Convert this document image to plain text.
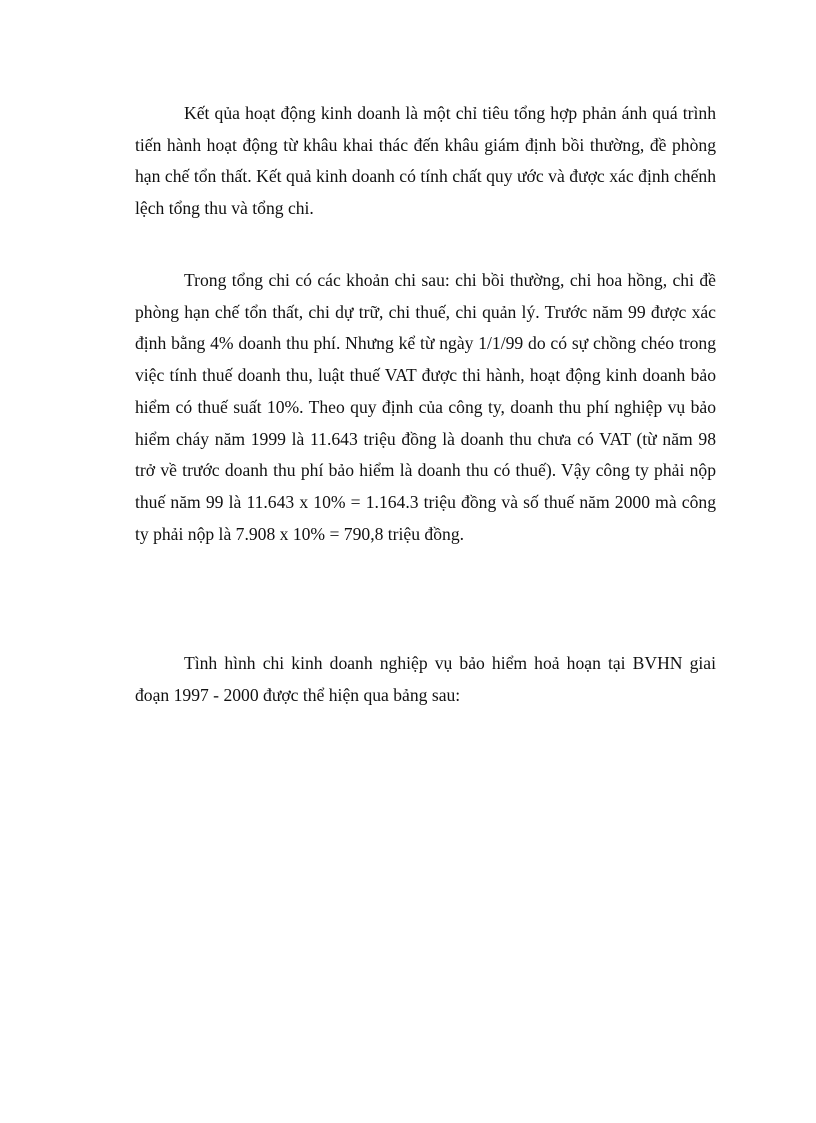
Kết qủa hoạt động kinh doanh là một chỉ tiêu tổng hợp phản ánh quá trình tiến hành hoạt động từ khâu khai thác đến khâu giám định bồi thường, đề phòng hạn chế tổn thất. Kết quả kinh doanh có tính chất quy ước và được xác định chếnh lệch tổng thu và tổng chi.

Trong tổng chi có các khoản chi sau: chi bồi thường, chi hoa hồng, chi đề phòng hạn chế tổn thất, chi dự trữ, chi thuế, chi quản lý. Trước năm 99 được xác định bằng 4% doanh thu phí. Nhưng kể từ ngày 1/1/99 do có sự chồng chéo trong việc tính thuế doanh thu, luật thuế VAT được thi hành, hoạt động kinh doanh bảo hiểm có thuế suất 10%. Theo quy định của công ty, doanh thu phí nghiệp vụ bảo hiểm cháy năm 1999 là 11.643 triệu đồng là doanh thu chưa có VAT (từ năm 98 trở về trước doanh thu phí bảo hiểm là doanh thu có thuế). Vậy công ty phải nộp thuế năm 99 là 11.643 x 10% = 1.164.3 triệu đồng và số thuế năm 2000 mà công ty phải nộp là 7.908 x 10% = 790,8 triệu đồng.

Tình hình chi kinh doanh nghiệp vụ bảo hiểm hoả hoạn tại BVHN giai đoạn 1997 - 2000 được thể hiện qua bảng sau:
